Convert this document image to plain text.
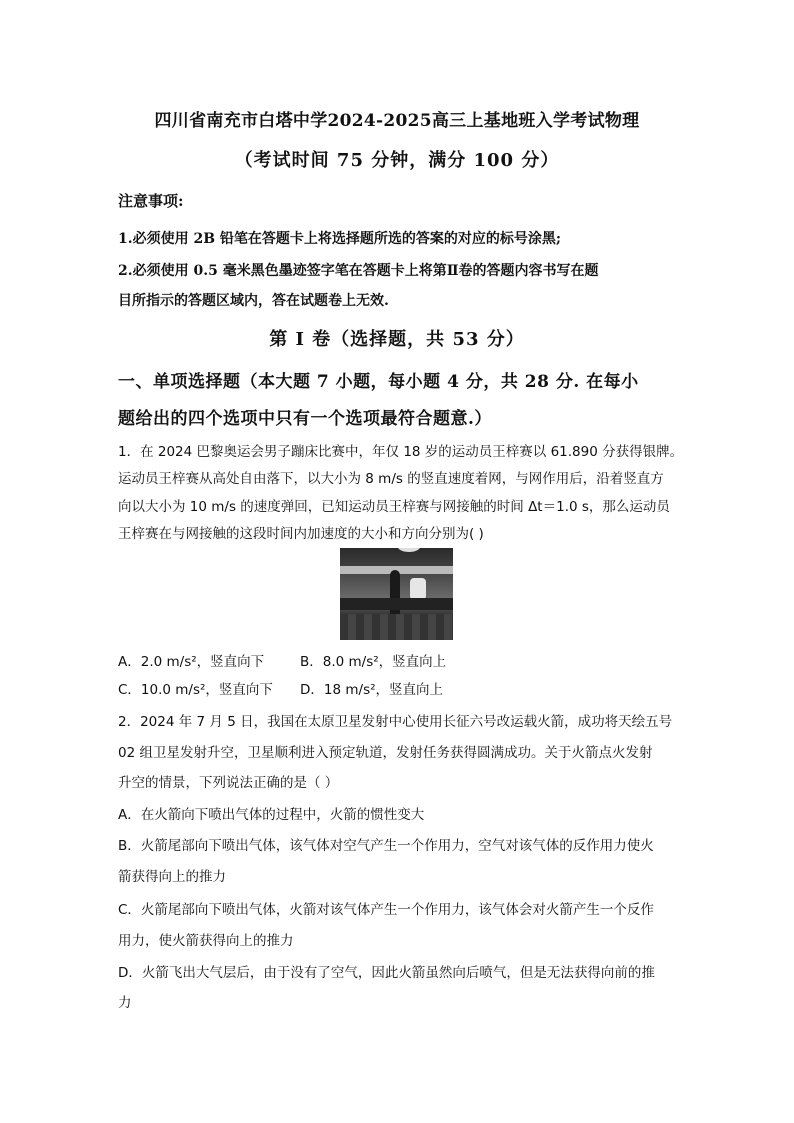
四川省南充市白塔中学2024-2025高三上基地班入学考试物理
（考试时间 75 分钟，满分 100 分）
注意事项:
1.必须使用 2B 铅笔在答题卡上将选择题所选的答案的对应的标号涂黑;
2.必须使用 0.5 毫米黑色墨迹签字笔在答题卡上将第Ⅱ卷的答题内容书写在题
目所指示的答题区域内，答在试题卷上无效.
第 I 卷（选择题，共 53 分）
一、单项选择题（本大题 7 小题，每小题 4 分，共 28 分. 在每小
题给出的四个选项中只有一个选项最符合题意.）
1．在 2024 巴黎奥运会男子蹦床比赛中，年仅 18 岁的运动员王梓赛以 61.890 分获得银牌。
运动员王梓赛从高处自由落下，以大小为 8 m/s 的竖直速度着网，与网作用后，沿着竖直方
向以大小为 10 m/s 的速度弹回，已知运动员王梓赛与网接触的时间 Δt＝1.0 s，那么运动员
王梓赛在与网接触的这段时间内加速度的大小和方向分别为( )
A．2.0 m/s²，竖直向下	B．8.0 m/s²，竖直向上
C．10.0 m/s²，竖直向下 D．18 m/s²，竖直向上
2．2024 年 7 月 5 日，我国在太原卫星发射中心使用长征六号改运载火箭，成功将天绘五号
02 组卫星发射升空，卫星顺利进入预定轨道，发射任务获得圆满成功。关于火箭点火发射
升空的情景，下列说法正确的是（ ）
A．在火箭向下喷出气体的过程中，火箭的惯性变大
B．火箭尾部向下喷出气体，该气体对空气产生一个作用力，空气对该气体的反作用力使火
箭获得向上的推力
C．火箭尾部向下喷出气体，火箭对该气体产生一个作用力，该气体会对火箭产生一个反作
用力，使火箭获得向上的推力
D．火箭飞出大气层后，由于没有了空气，因此火箭虽然向后喷气，但是无法获得向前的推
力
